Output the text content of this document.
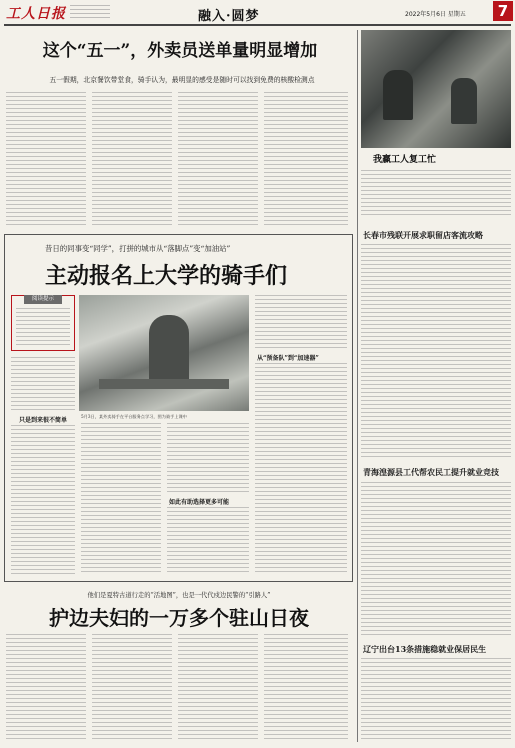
工人日报	融入·圆梦	2022年5月6日 星期五	7
这个“五一”，外卖员送单量明显增加
五一假期，北京餐饮带堂食，骑手认为，最明显的感受是随时可以找到免费的核酸检测点
我赢工人复工忙
长春市残联开展求职留店客流攻略
青海湟源县工代帮农民工提升就业竞技
辽宁出台13条措施稳就业保居民生
昔日的同事变“同学”，打拼的城市从“落脚点”变“加油站”
主动报名上大学的骑手们
阅读提示
只是到来很不简单
5月3日，某外卖骑手在平台服务点学习，图为骑手上课中
从“预备队”到“加速器”
如此有助选择更多可能
他们是夏特古道行走的“活地图”，也是一代代戍边民警的“引路人”
护边夫妇的一万多个驻山日夜
